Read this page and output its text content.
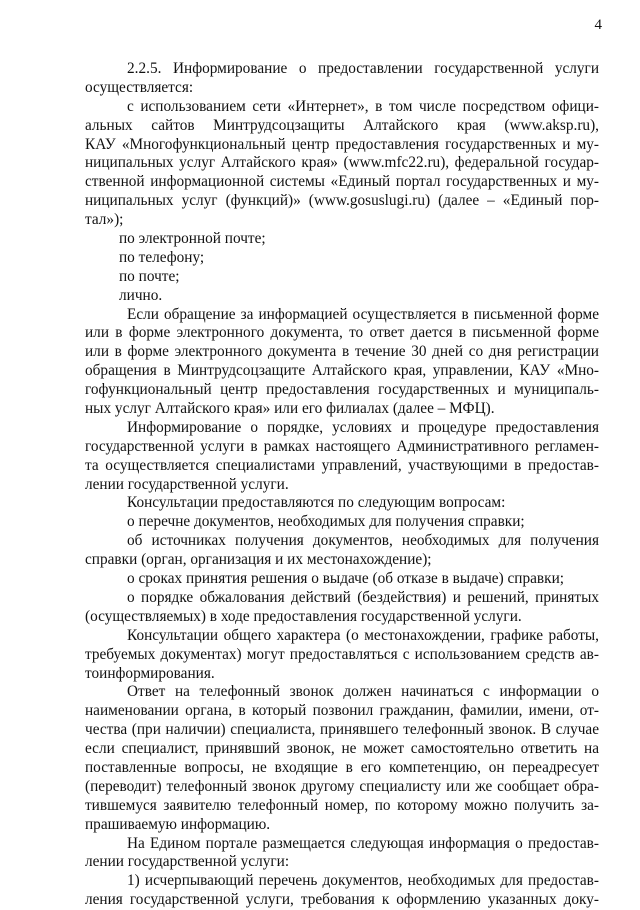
4
2.2.5. Информирование о предоставлении государственной услуги
осуществляется:
с использованием сети «Интернет», в том числе посредством офици‑
альных сайтов Минтрудсоцзащиты Алтайского края (www.aksp.ru),
КАУ «Многофункциональный центр предоставления государственных и му‑
ниципальных услуг Алтайского края» (www.mfc22.ru), федеральной государ‑
ственной информационной системы «Единый портал государственных и му‑
ниципальных услуг (функций)» (www.gosuslugi.ru) (далее – «Единый пор‑
тал»);
по электронной почте;
по телефону;
по почте;
лично.
Если обращение за информацией осуществляется в письменной форме
или в форме электронного документа, то ответ дается в письменной форме
или в форме электронного документа в течение 30 дней со дня регистрации
обращения в Минтрудсоцзащите Алтайского края, управлении, КАУ «Мно‑
гофункциональный центр предоставления государственных и муниципаль‑
ных услуг Алтайского края» или его филиалах (далее – МФЦ).
Информирование о порядке, условиях и процедуре предоставления
государственной услуги в рамках настоящего Административного регламен‑
та осуществляется специалистами управлений, участвующими в предостав‑
лении государственной услуги.
Консультации предоставляются по следующим вопросам:
о перечне документов, необходимых для получения справки;
об источниках получения документов, необходимых для получения
справки (орган, организация и их местонахождение);
о сроках принятия решения о выдаче (об отказе в выдаче) справки;
о порядке обжалования действий (бездействия) и решений, принятых
(осуществляемых) в ходе предоставления государственной услуги.
Консультации общего характера (о местонахождении, графике работы,
требуемых документах) могут предоставляться с использованием средств ав‑
тоинформирования.
Ответ на телефонный звонок должен начинаться с информации о
наименовании органа, в который позвонил гражданин, фамилии, имени, от‑
чества (при наличии) специалиста, принявшего телефонный звонок. В случае
если специалист, принявший звонок, не может самостоятельно ответить на
поставленные вопросы, не входящие в его компетенцию, он переадресует
(переводит) телефонный звонок другому специалисту или же сообщает обра‑
тившемуся заявителю телефонный номер, по которому можно получить за‑
прашиваемую информацию.
На Едином портале размещается следующая информация о предостав‑
лении государственной услуги:
1) исчерпывающий перечень документов, необходимых для предостав‑
ления государственной услуги, требования к оформлению указанных доку‑
